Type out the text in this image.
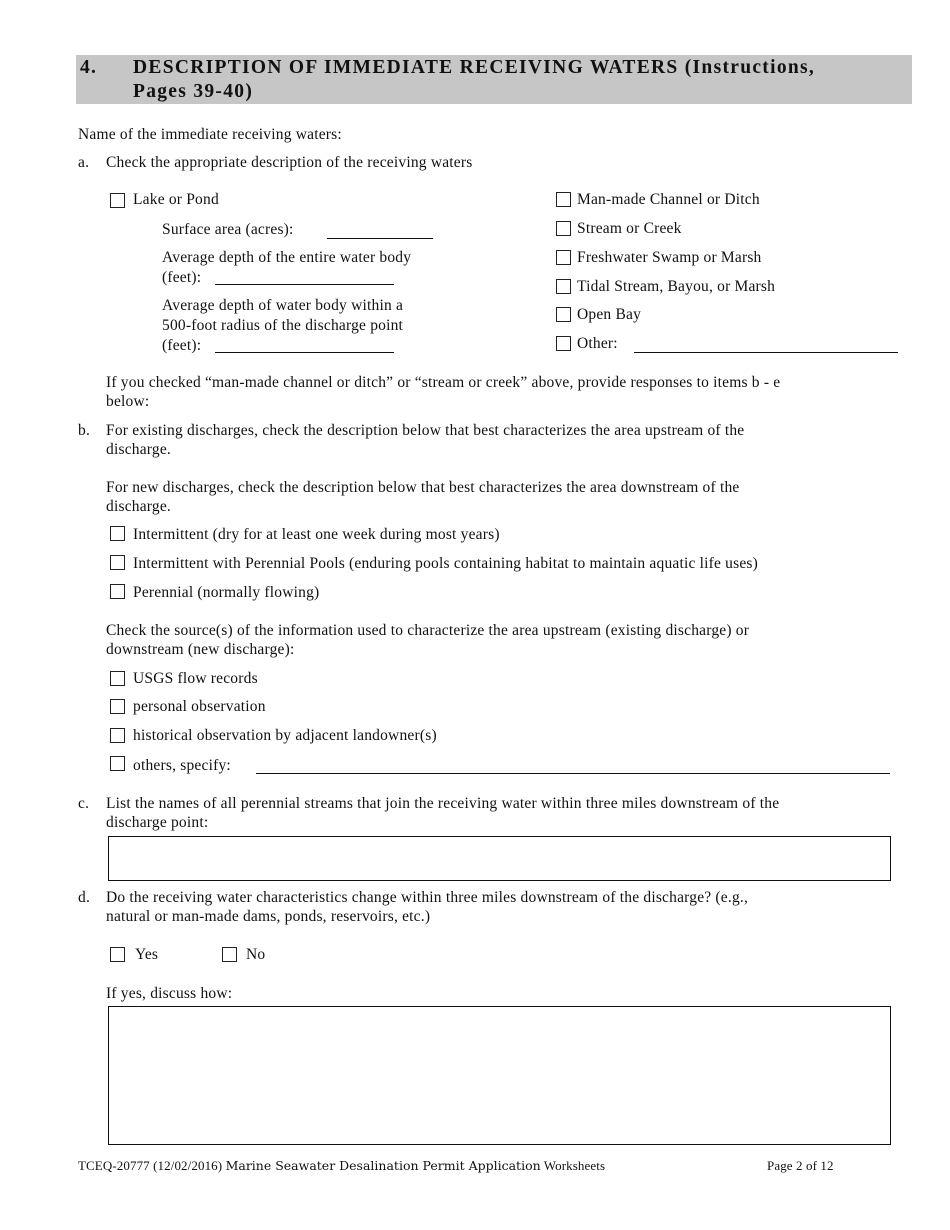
4. DESCRIPTION OF IMMEDIATE RECEIVING WATERS (Instructions,
Pages 39-40)
Name of the immediate receiving waters:
a. Check the appropriate description of the receiving waters
Lake or Pond
Surface area (acres):
Average depth of the entire water body
(feet):
Average depth of water body within a
500-foot radius of the discharge point
(feet):
Man-made Channel or Ditch
Stream or Creek
Freshwater Swamp or Marsh
Tidal Stream, Bayou, or Marsh
Open Bay
Other:
If you checked “man-made channel or ditch” or “stream or creek” above, provide responses to items b - e
below:
b. For existing discharges, check the description below that best characterizes the area upstream of the
discharge.
For new discharges, check the description below that best characterizes the area downstream of the
discharge.
Intermittent (dry for at least one week during most years)
Intermittent with Perennial Pools (enduring pools containing habitat to maintain aquatic life uses)
Perennial (normally flowing)
Check the source(s) of the information used to characterize the area upstream (existing discharge) or
downstream (new discharge):
USGS flow records
personal observation
historical observation by adjacent landowner(s)
others, specify:
c. List the names of all perennial streams that join the receiving water within three miles downstream of the
discharge point:
d. Do the receiving water characteristics change within three miles downstream of the discharge? (e.g.,
natural or man-made dams, ponds, reservoirs, etc.)
Yes	No
If yes, discuss how:
TCEQ-20777 (12/02/2016) Marine Seawater Desalination Permit Application Worksheets	Page 2 of 12
